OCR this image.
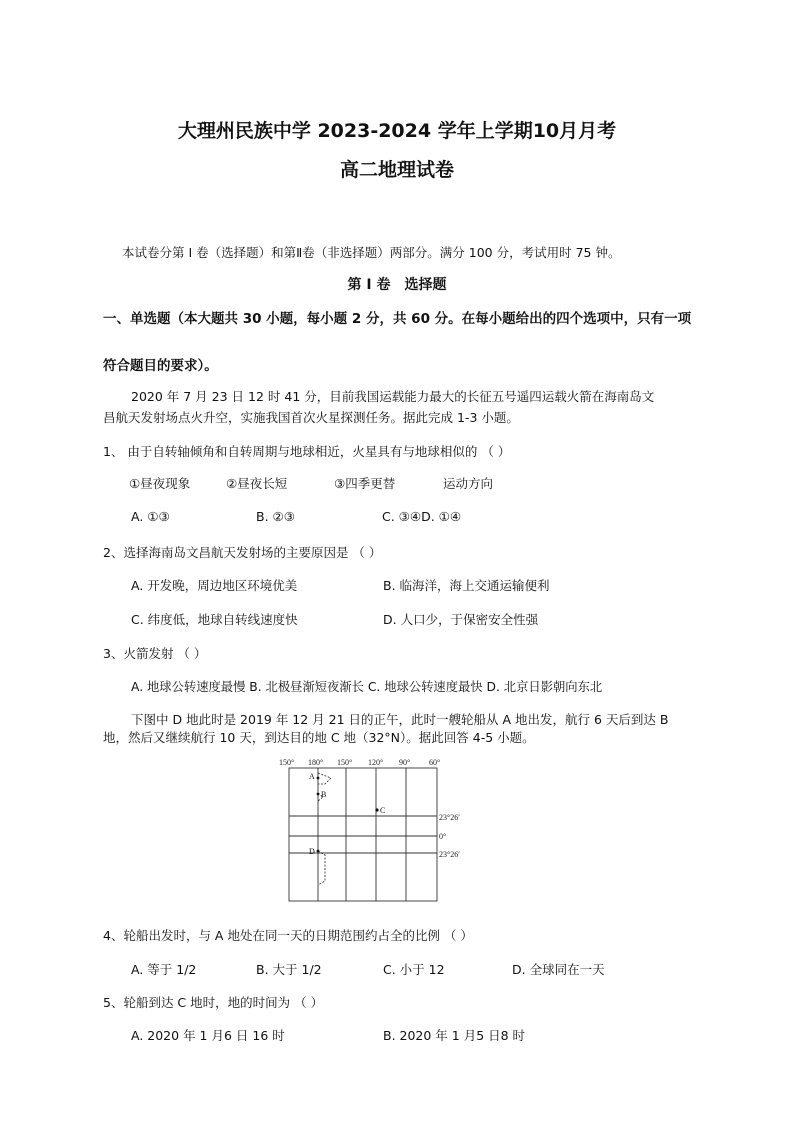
大理州民族中学 2023-2024 学年上学期10月月考
高二地理试卷
本试卷分第 I 卷（选择题）和第Ⅱ卷（非选择题）两部分。满分 100 分，考试用时 75 钟。
第 I 卷　选择题
一、单选题（本大题共 30 小题，每小题 2 分，共 60 分。在每小题给出的四个选项中，只有一项
符合题目的要求）。
2020 年 7 月 23 日 12 时 41 分，目前我国运载能力最大的长征五号遥四运载火箭在海南岛文
昌航天发射场点火升空，实施我国首次火星探测任务。据此完成 1-3 小题。
1、 由于自转轴倾角和自转周期与地球相近，火星具有与地球相似的 （ ）
①昼夜现象	②昼夜长短	③四季更替	运动方向
A. ①③	B. ②③	C. ③④D. ①④
2、选择海南岛文昌航天发射场的主要原因是 （ ）
A. 开发晚，周边地区环境优美	B. 临海洋，海上交通运输便利
C. 纬度低，地球自转线速度快	D. 人口少，于保密安全性强
3、火箭发射 （ ）
A. 地球公转速度最慢 B. 北极昼渐短夜渐长 C. 地球公转速度最快 D. 北京日影朝向东北
下图中 D 地此时是 2019 年 12 月 21 日的正午，此时一艘轮船从 A 地出发，航行 6 天后到达 B
地，然后又继续航行 10 天，到达目的地 C 地（32°N）。据此回答 4-5 小题。
150° 180° 150° 120° 90° 60°
23°26′
0°
23°26′
A
B
C
D
4、轮船出发时，与 A 地处在同一天的日期范围约占全的比例 （ ）
A. 等于 1/2	B. 大于 1/2	C. 小于 12	D. 全球同在一天
5、轮船到达 C 地时，地的时间为 （ ）
A. 2020 年 1 月6 日 16 时	B. 2020 年 1 月5 日8 时
